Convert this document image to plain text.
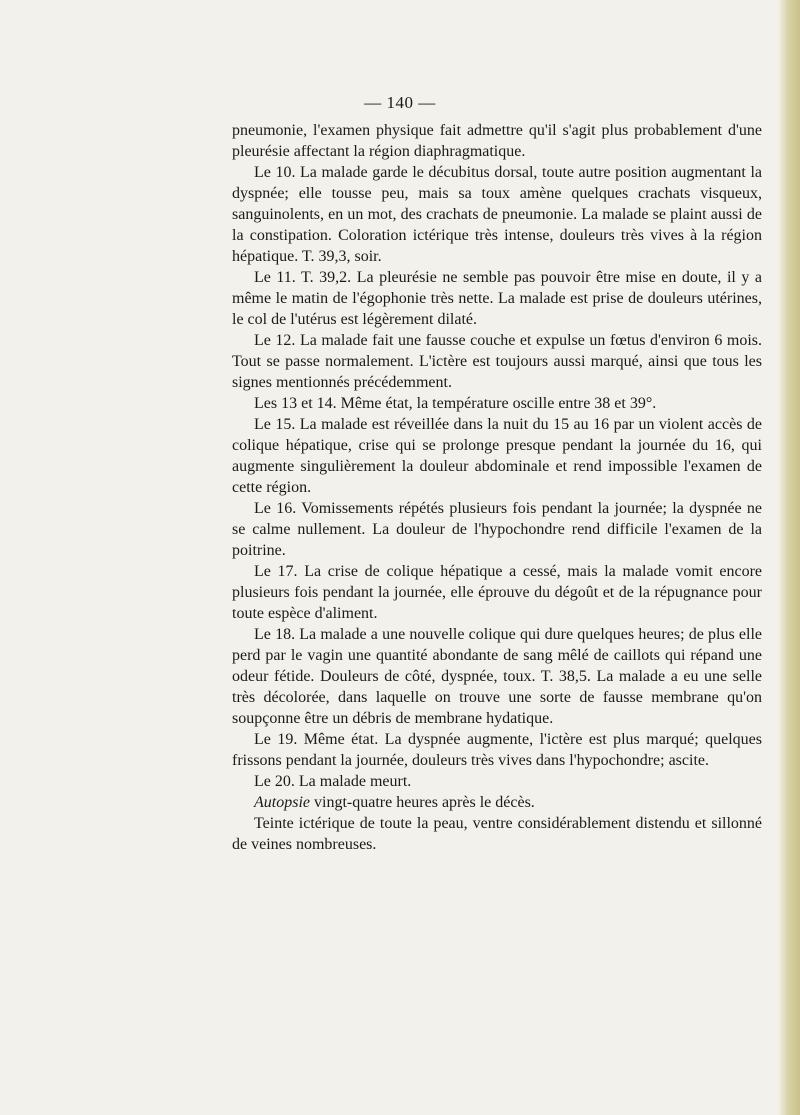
— 140 —

pneumonie, l'examen physique fait admettre qu'il s'agit plus probablement d'une pleurésie affectant la région diaphragmatique.

Le 10. La malade garde le décubitus dorsal, toute autre position augmentant la dyspnée; elle tousse peu, mais sa toux amène quelques crachats visqueux, sanguinolents, en un mot, des crachats de pneumonie. La malade se plaint aussi de la constipation. Coloration ictérique très intense, douleurs très vives à la région hépatique. T. 39,3, soir.

Le 11. T. 39,2. La pleurésie ne semble pas pouvoir être mise en doute, il y a même le matin de l'égophonie très nette. La malade est prise de douleurs utérines, le col de l'utérus est légèrement dilaté.

Le 12. La malade fait une fausse couche et expulse un fœtus d'environ 6 mois. Tout se passe normalement. L'ictère est toujours aussi marqué, ainsi que tous les signes mentionnés précédemment.

Les 13 et 14. Même état, la température oscille entre 38 et 39°.

Le 15. La malade est réveillée dans la nuit du 15 au 16 par un violent accès de colique hépatique, crise qui se prolonge presque pendant la journée du 16, qui augmente singulièrement la douleur abdominale et rend impossible l'examen de cette région.

Le 16. Vomissements répétés plusieurs fois pendant la journée; la dyspnée ne se calme nullement. La douleur de l'hypochondre rend difficile l'examen de la poitrine.

Le 17. La crise de colique hépatique a cessé, mais la malade vomit encore plusieurs fois pendant la journée, elle éprouve du dégoût et de la répugnance pour toute espèce d'aliment.

Le 18. La malade a une nouvelle colique qui dure quelques heures; de plus elle perd par le vagin une quantité abondante de sang mêlé de caillots qui répand une odeur fétide. Douleurs de côté, dyspnée, toux. T. 38,5. La malade a eu une selle très décolorée, dans laquelle on trouve une sorte de fausse membrane qu'on soupçonne être un débris de membrane hydatique.

Le 19. Même état. La dyspnée augmente, l'ictère est plus marqué; quelques frissons pendant la journée, douleurs très vives dans l'hypochondre; ascite.

Le 20. La malade meurt.

Autopsie vingt-quatre heures après le décès.

Teinte ictérique de toute la peau, ventre considérablement distendu et sillonné de veines nombreuses.
